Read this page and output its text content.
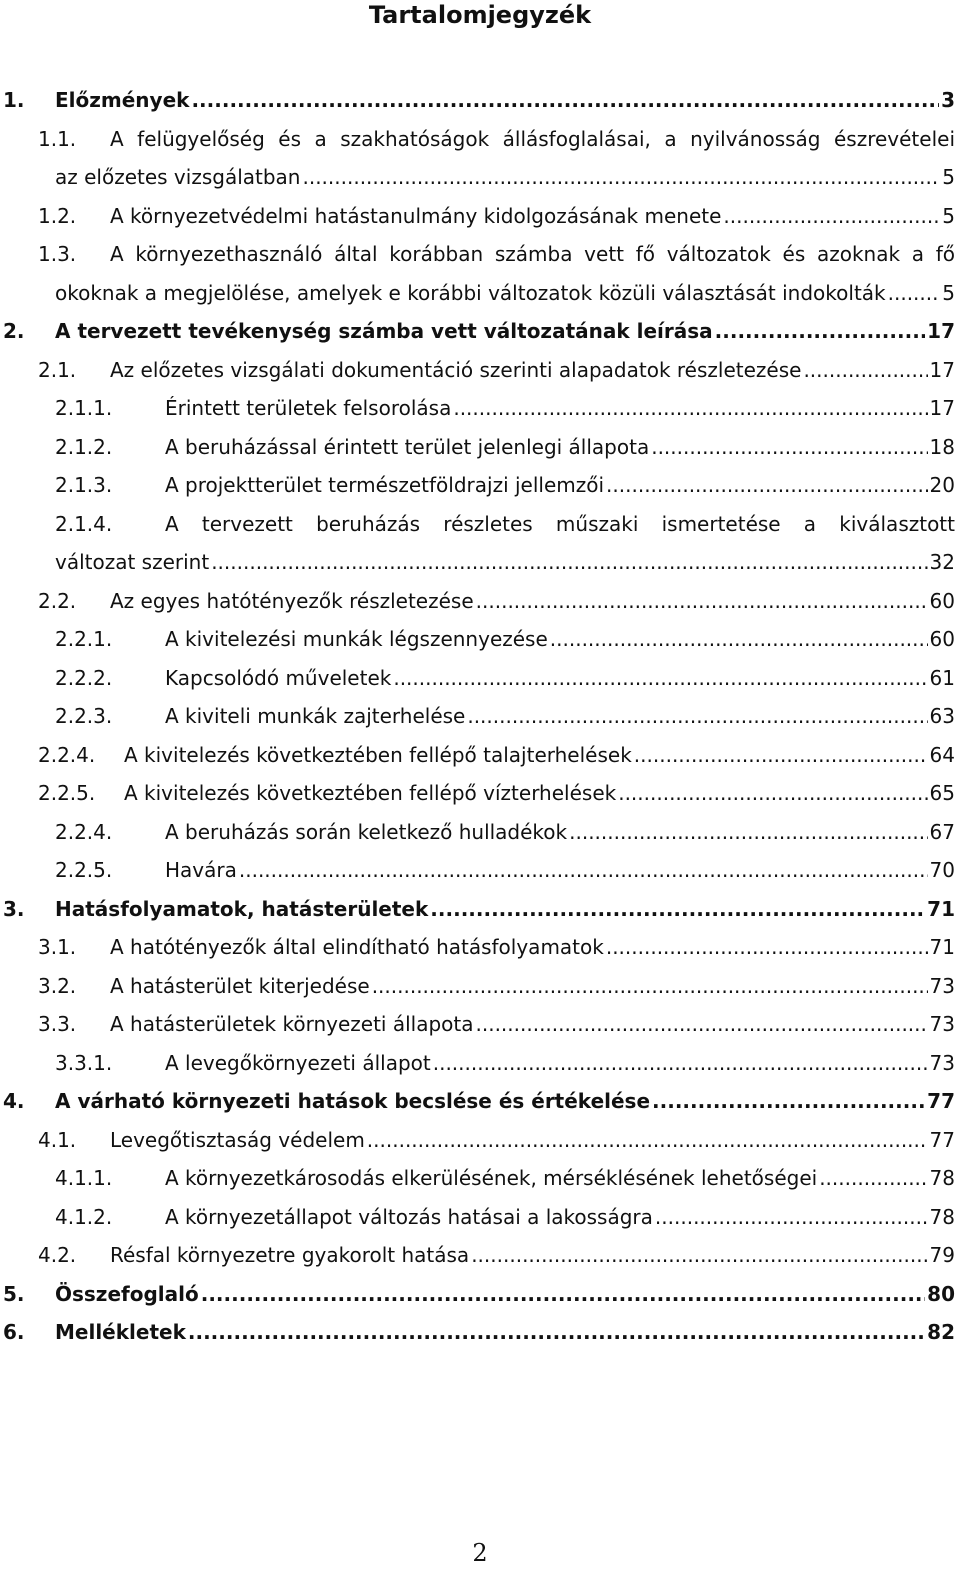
Tartalomjegyzék
1. Előzmények .....	3
1.1. A felügyelőség és a szakhatóságok állásfoglalásai, a nyilvánosság észrevételei
az előzetes vizsgálatban .....	5
1.2. A környezetvédelmi hatástanulmány kidolgozásának menete .....	5
1.3. A környezethasználó által korábban számba vett fő változatok és azoknak a fő
okoknak a megjelölése, amelyek e korábbi változatok közüli választását indokolták .....	5
2. A tervezett tevékenység számba vett változatának leírása .....	17
2.1. Az előzetes vizsgálati dokumentáció szerinti alapadatok részletezése .....	17
2.1.1.	Érintett területek felsorolása .....	17
2.1.2.	A beruházással érintett terület jelenlegi állapota .....	18
2.1.3.	A projektterület természetföldrajzi jellemzői .....	20
2.1.4.	A tervezett beruházás részletes műszaki ismertetése a kiválasztott
változat szerint .....	32
2.2. Az egyes hatótényezők részletezése .....	60
2.2.1.	A kivitelezési munkák légszennyezése .....	60
2.2.2.	Kapcsolódó műveletek .....	61
2.2.3.	A kiviteli munkák zajterhelése .....	63
2.2.4. A kivitelezés következtében fellépő talajterhelések .....	64
2.2.5. A kivitelezés következtében fellépő vízterhelések .....	65
2.2.4.	A beruházás során keletkező hulladékok .....	67
2.2.5.	Havára .....	70
3. Hatásfolyamatok, hatásterületek .....	71
3.1. A hatótényezők által elindítható hatásfolyamatok .....	71
3.2. A hatásterület kiterjedése .....	73
3.3. A hatásterületek környezeti állapota .....	73
3.3.1.	A levegőkörnyezeti állapot .....	73
4. A várható környezeti hatások becslése és értékelése .....	77
4.1. Levegőtisztaság védelem .....	77
4.1.1.	A környezetkárosodás elkerülésének, mérséklésének lehetőségei .....	78
4.1.2.	A környezetállapot változás hatásai a lakosságra .....	78
4.2. Résfal környezetre gyakorolt hatása .....	79
5. Összefoglaló .....	80
6. Mellékletek .....	82
2
